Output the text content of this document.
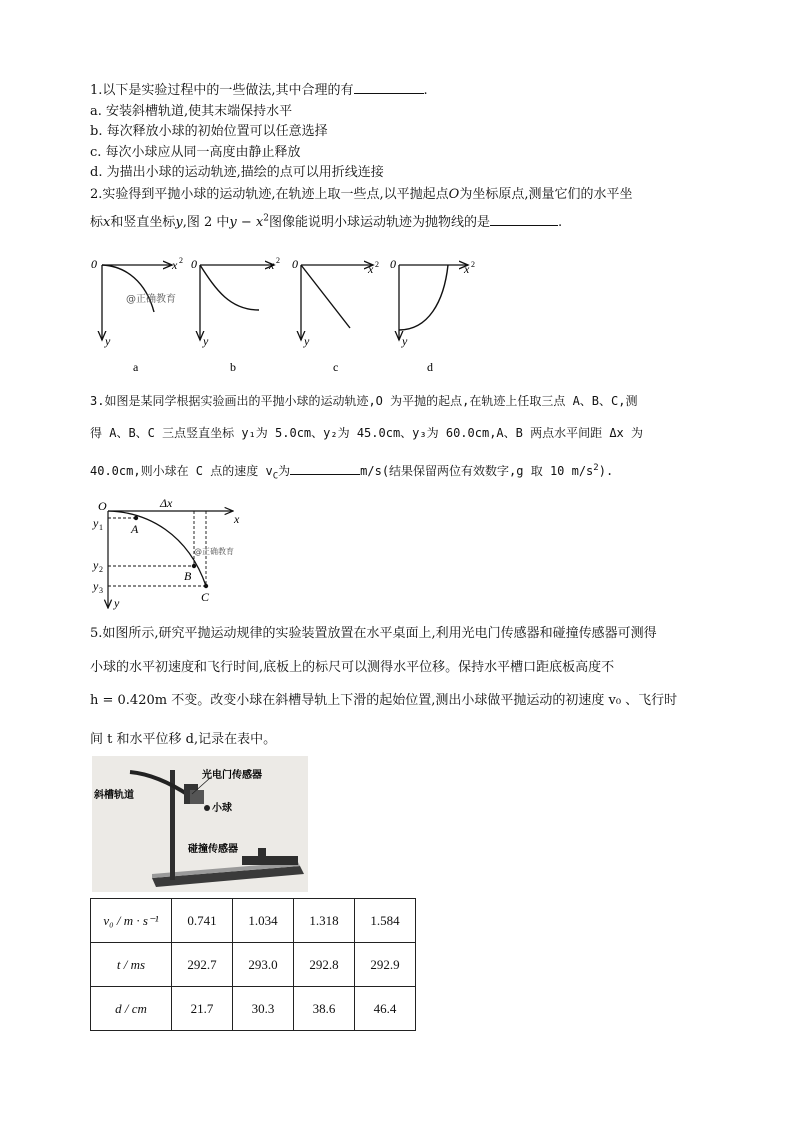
1.以下是实验过程中的一些做法,其中合理的有	.
a. 安装斜槽轨道,使其末端保持水平
b. 每次释放小球的初始位置可以任意选择
c. 每次小球应从同一高度由静止释放
d. 为描出小球的运动轨迹,描绘的点可以用折线连接
2.实验得到平抛小球的运动轨迹,在轨迹上取一些点,以平抛起点O为坐标原点,测量它们的水平坐
标x和竖直坐标y,图 2 中$y - x^2$图像能说明小球运动轨迹为抛物线的是	.
0	x 2
y
@正确教育
a
0	x 2
y
b
0	x 2
y
c
0	x 2
y
d
3.如图是某同学根据实验画出的平抛小球的运动轨迹,O 为平抛的起点,在轨迹上任取三点 A、B、C,测
得 A、B、C 三点竖直坐标 y₁为 5.0cm、y₂为 45.0cm、y₃为 60.0cm,A、B 两点水平间距 Δx 为
40.0cm,则小球在 C 点的速度 $v_C$为	m/s(结果保留两位有效数字,g 取 10 $m/s^2$).
O	Δx
x
y
y 1
y 2
y 3
A
B
C
@正确教育
5.如图所示,研究平抛运动规律的实验装置放置在水平桌面上,利用光电门传感器和碰撞传感器可测得
小球的水平初速度和飞行时间,底板上的标尺可以测得水平位移。保持水平槽口距底板高度不
h = 0.420m 不变。改变小球在斜槽导轨上下滑的起始位置,测出小球做平抛运动的初速度 v₀ 、飞行时
间 t 和水平位移 d,记录在表中。
光电门传感器
斜槽轨道
小球
碰撞传感器
v₀ / m · s⁻¹	0.741	1.034	1.318	1.584
t / ms	292.7	293.0	292.8	292.9
d / cm	21.7	30.3	38.6	46.4
